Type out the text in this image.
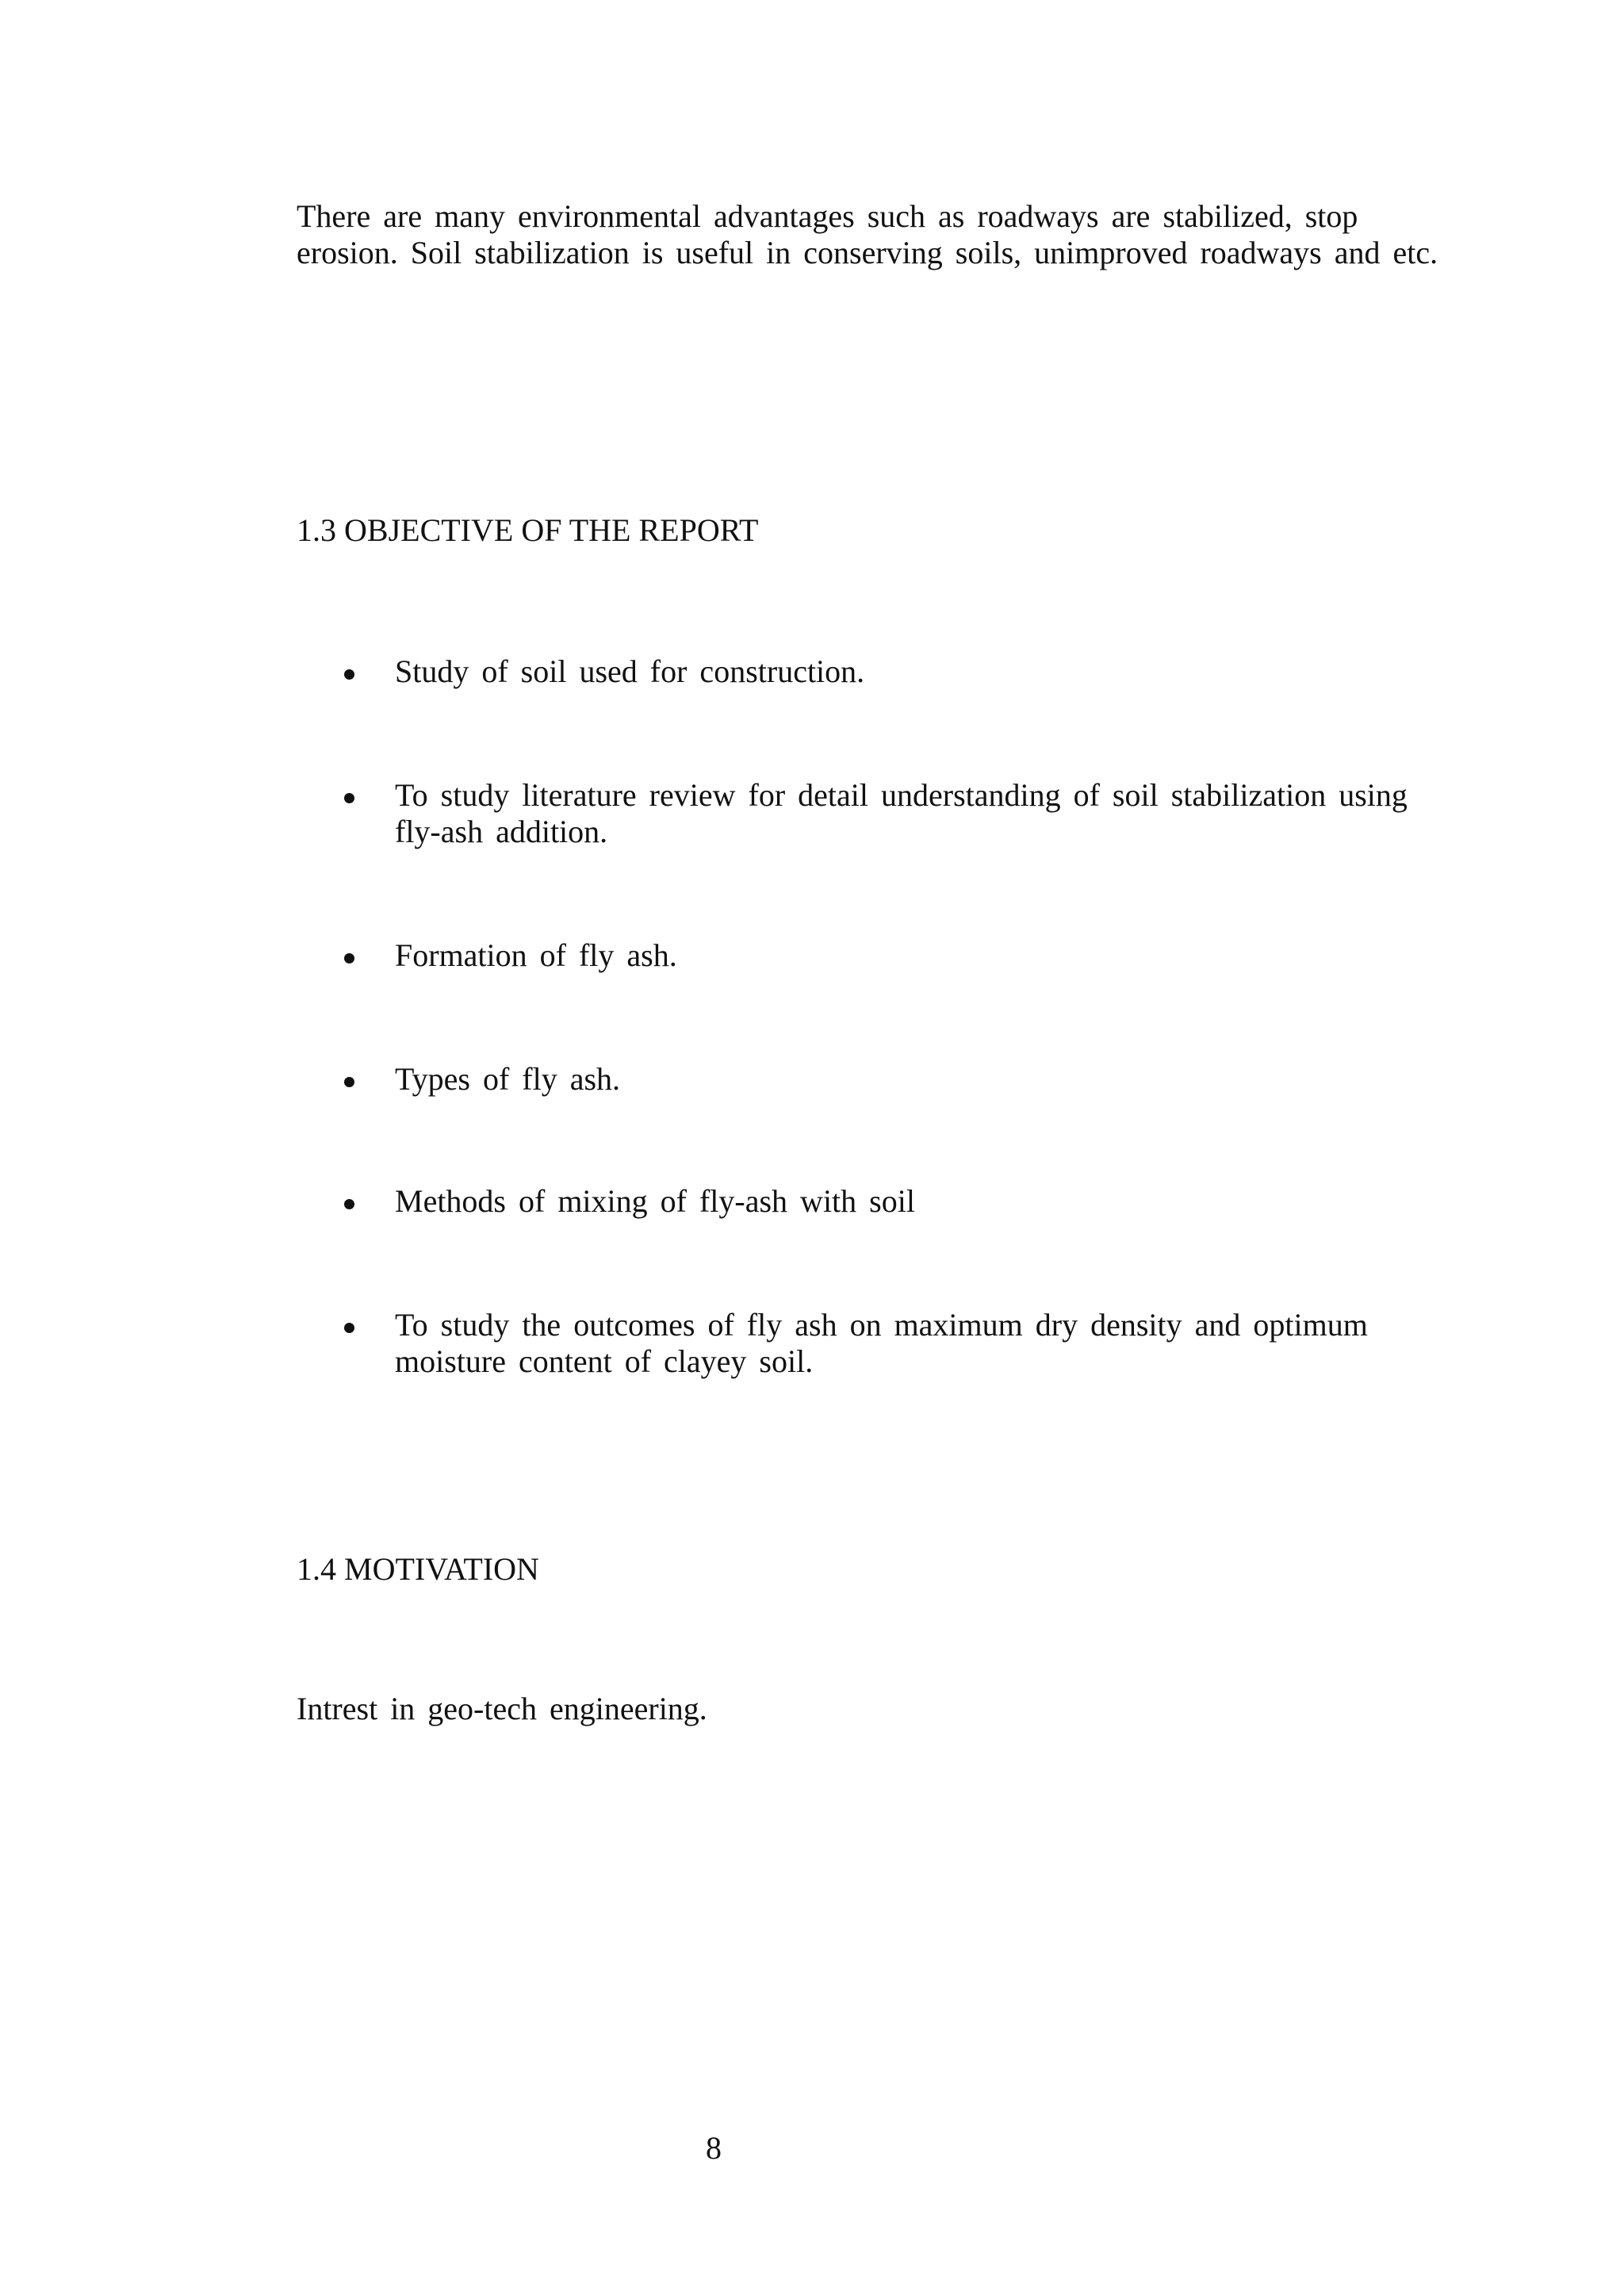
There are many environmental advantages such as roadways are stabilized, stop erosion. Soil stabilization is useful in conserving soils, unimproved roadways and etc.

1.3 OBJECTIVE OF THE REPORT
Study of soil used for construction.
To study literature review for detail understanding of soil stabilization using fly-ash addition.
Formation of fly ash.
Types of fly ash.
Methods of mixing of fly-ash with soil
To study the outcomes of fly ash on maximum dry density and optimum moisture content of clayey soil.
1.4 MOTIVATION

Intrest in geo-tech engineering.

8
